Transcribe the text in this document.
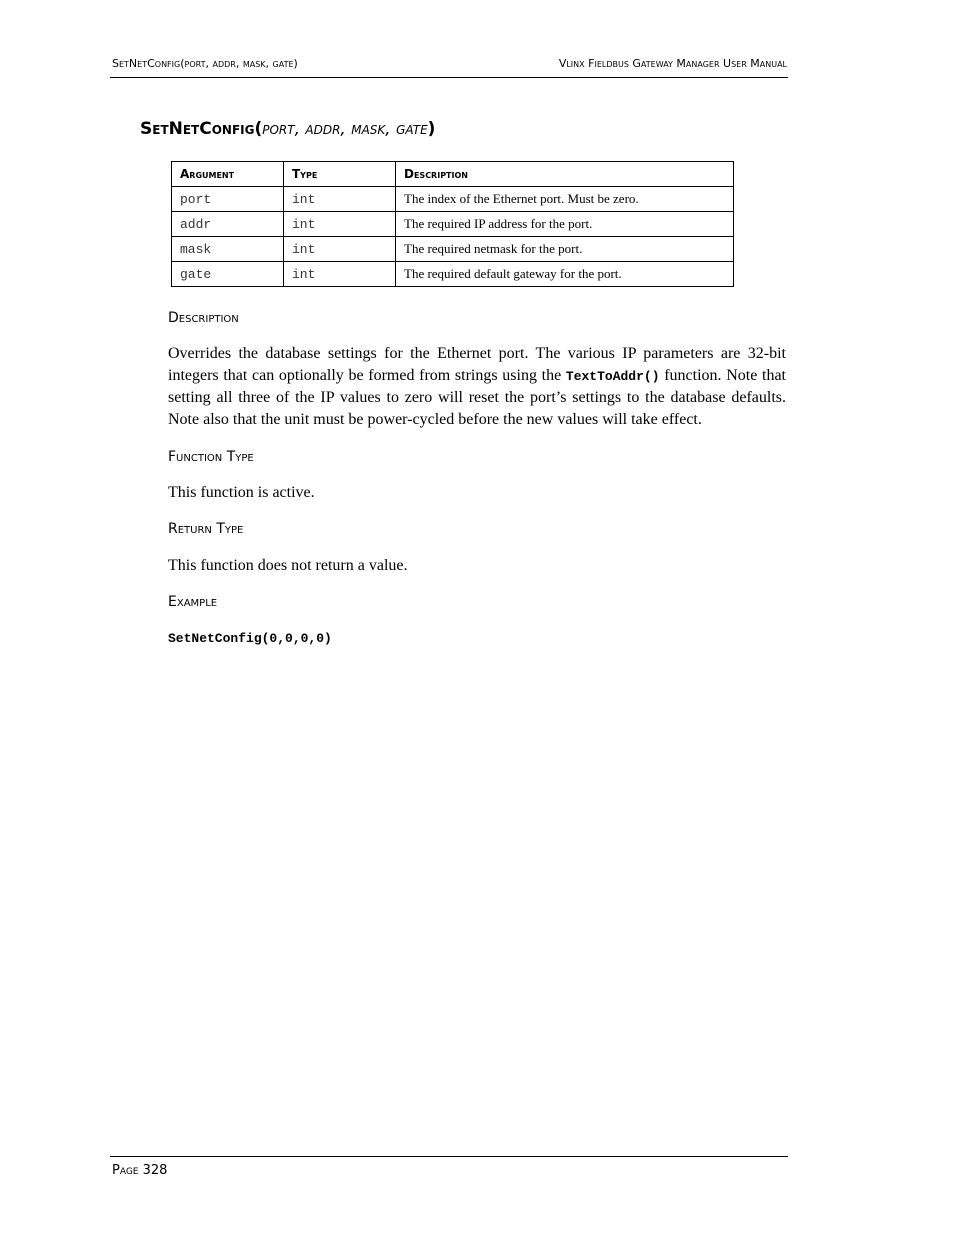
SetNetConfig(port, addr, mask, gate)	Vlinx Fieldbus Gateway Manager User Manual
SetNetConfig(port, addr, mask, gate)
Argument	Type	Description
port	int	The index of the Ethernet port. Must be zero.
addr	int	The required IP address for the port.
mask	int	The required netmask for the port.
gate	int	The required default gateway for the port.
Description
Overrides the database settings for the Ethernet port. The various IP parameters are 32-bit integers that can optionally be formed from strings using the TextToAddr() function. Note that setting all three of the IP values to zero will reset the port’s settings to the database defaults. Note also that the unit must be power-cycled before the new values will take effect.
Function Type
This function is active.
Return Type
This function does not return a value.
Example
SetNetConfig(0,0,0,0)
Page 328
